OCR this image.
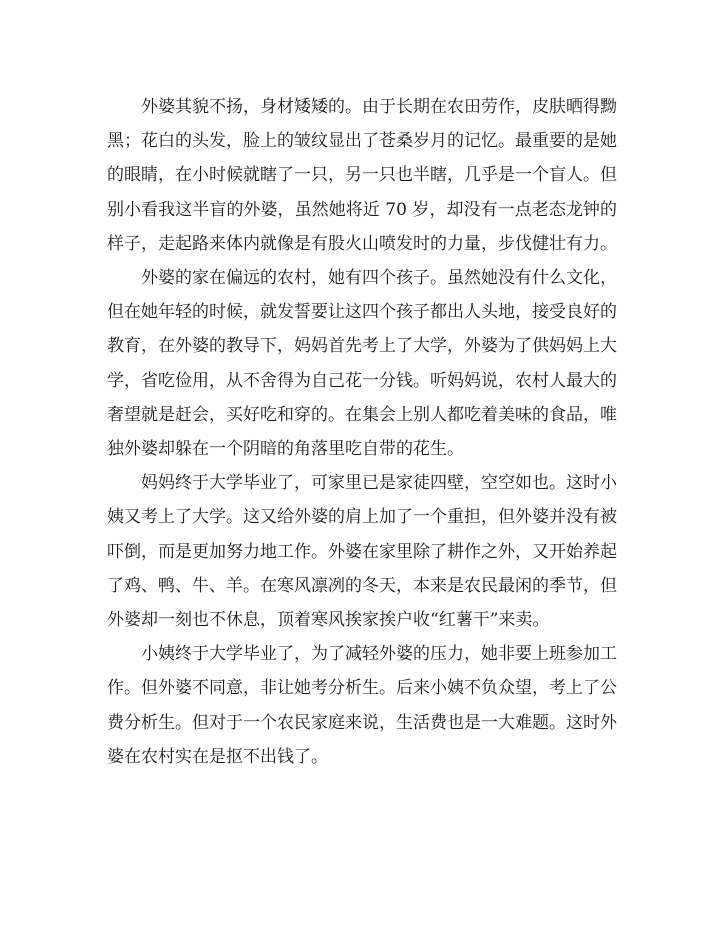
外婆其貌不扬，身材矮矮的。由于长期在农田劳作，皮肤晒得黝黑；花白的头发，脸上的皱纹显出了苍桑岁月的记忆。最重要的是她的眼睛，在小时候就瞎了一只，另一只也半瞎，几乎是一个盲人。但别小看我这半盲的外婆，虽然她将近 70 岁，却没有一点老态龙钟的样子，走起路来体内就像是有股火山喷发时的力量，步伐健壮有力。

外婆的家在偏远的农村，她有四个孩子。虽然她没有什么文化，但在她年轻的时候，就发誓要让这四个孩子都出人头地，接受良好的教育，在外婆的教导下，妈妈首先考上了大学，外婆为了供妈妈上大学，省吃俭用，从不舍得为自己花一分钱。听妈妈说，农村人最大的奢望就是赶会，买好吃和穿的。在集会上别人都吃着美味的食品，唯独外婆却躲在一个阴暗的角落里吃自带的花生。

妈妈终于大学毕业了，可家里已是家徒四壁，空空如也。这时小姨又考上了大学。这又给外婆的肩上加了一个重担，但外婆并没有被吓倒，而是更加努力地工作。外婆在家里除了耕作之外，又开始养起了鸡、鸭、牛、羊。在寒风凛冽的冬天，本来是农民最闲的季节，但外婆却一刻也不休息，顶着寒风挨家挨户收“红薯干”来卖。

小姨终于大学毕业了，为了减轻外婆的压力，她非要上班参加工作。但外婆不同意，非让她考分析生。后来小姨不负众望，考上了公费分析生。但对于一个农民家庭来说，生活费也是一大难题。这时外婆在农村实在是抠不出钱了。
